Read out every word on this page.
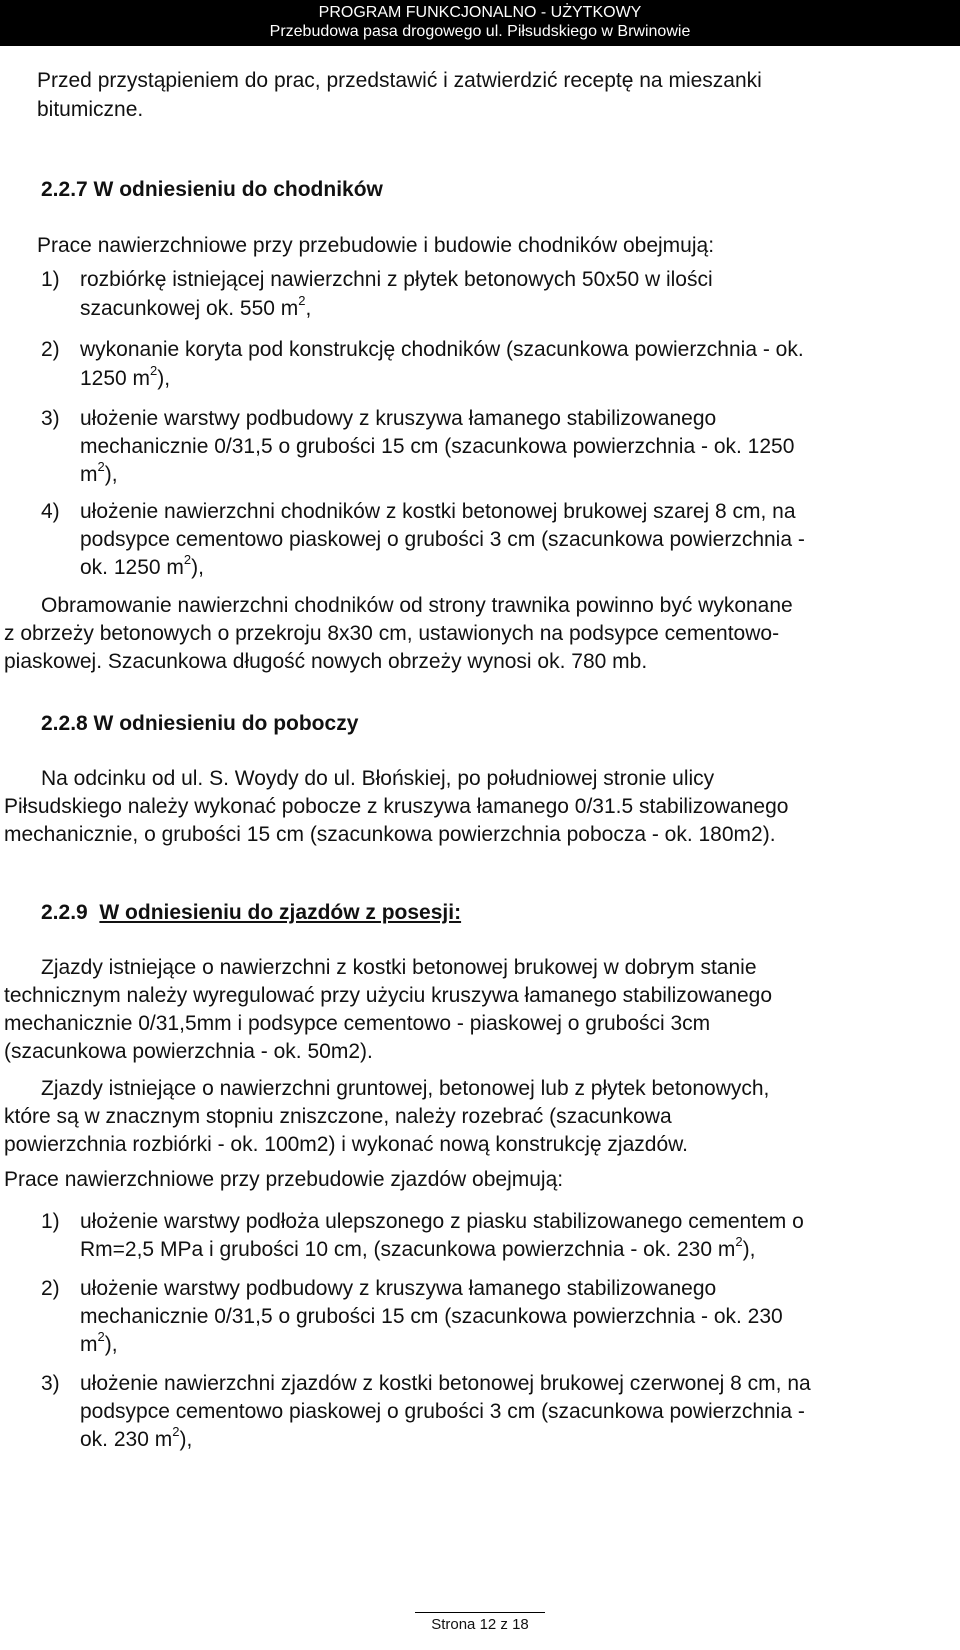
PROGRAM FUNKCJONALNO - UŻYTKOWY
Przebudowa pasa drogowego ul. Piłsudskiego w Brwinowie
Przed przystąpieniem do prac, przedstawić i zatwierdzić receptę na mieszanki
bitumiczne.
2.2.7 W odniesieniu do chodników
Prace nawierzchniowe przy przebudowie i budowie chodników obejmują:
1) rozbiórkę istniejącej nawierzchni z płytek betonowych 50x50 w ilości
szacunkowej ok. 550 $m^2$,
2) wykonanie koryta pod konstrukcję chodników (szacunkowa powierzchnia - ok.
1250 $m^2$),
3) ułożenie warstwy podbudowy z kruszywa łamanego stabilizowanego
mechanicznie 0/31,5 o grubości 15 cm (szacunkowa powierzchnia - ok. 1250
$m^2$),
4) ułożenie nawierzchni chodników z kostki betonowej brukowej szarej 8 cm, na
podsypce cementowo piaskowej o grubości 3 cm (szacunkowa powierzchnia -
ok. 1250 $m^2$),
Obramowanie nawierzchni chodników od strony trawnika powinno być wykonane
z obrzeży betonowych o przekroju 8x30 cm, ustawionych na podsypce cementowo-
piaskowej. Szacunkowa długość nowych obrzeży wynosi ok. 780 mb.
2.2.8 W odniesieniu do poboczy
Na odcinku od ul. S. Woydy do ul. Błońskiej, po południowej stronie ulicy
Piłsudskiego należy wykonać pobocze z kruszywa łamanego 0/31.5 stabilizowanego
mechanicznie, o grubości 15 cm (szacunkowa powierzchnia pobocza - ok. 180m2).
2.2.9 W odniesieniu do zjazdów z posesji:
Zjazdy istniejące o nawierzchni z kostki betonowej brukowej w dobrym stanie
technicznym należy wyregulować przy użyciu kruszywa łamanego stabilizowanego
mechanicznie 0/31,5mm i podsypce cementowo - piaskowej o grubości 3cm
(szacunkowa powierzchnia - ok. 50m2).
Zjazdy istniejące o nawierzchni gruntowej, betonowej lub z płytek betonowych,
które są w znacznym stopniu zniszczone, należy rozebrać (szacunkowa
powierzchnia rozbiórki - ok. 100m2) i wykonać nową konstrukcję zjazdów.
Prace nawierzchniowe przy przebudowie zjazdów obejmują:
1) ułożenie warstwy podłoża ulepszonego z piasku stabilizowanego cementem o
Rm=2,5 MPa i grubości 10 cm, (szacunkowa powierzchnia - ok. 230 $m^2$),
2) ułożenie warstwy podbudowy z kruszywa łamanego stabilizowanego
mechanicznie 0/31,5 o grubości 15 cm (szacunkowa powierzchnia - ok. 230
$m^2$),
3) ułożenie nawierzchni zjazdów z kostki betonowej brukowej czerwonej 8 cm, na
podsypce cementowo piaskowej o grubości 3 cm (szacunkowa powierzchnia -
ok. 230 $m^2$),
Strona 12 z 18
